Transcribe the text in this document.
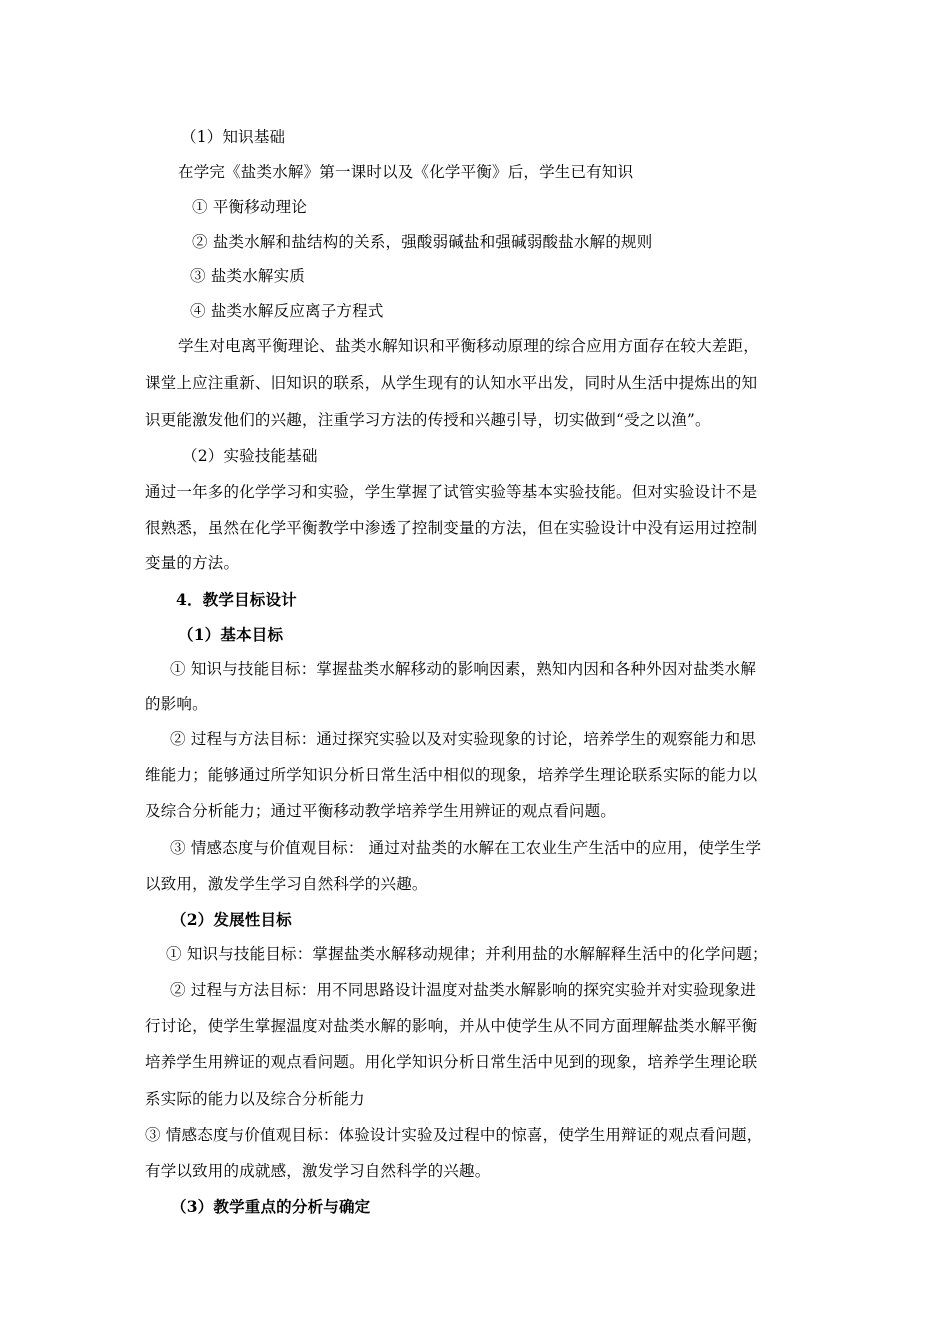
（1）知识基础
在学完《盐类水解》第一课时以及《化学平衡》后，学生已有知识
① 平衡移动理论
② 盐类水解和盐结构的关系，强酸弱碱盐和强碱弱酸盐水解的规则
③ 盐类水解实质
④ 盐类水解反应离子方程式
学生对电离平衡理论、盐类水解知识和平衡移动原理的综合应用方面存在较大差距，
课堂上应注重新、旧知识的联系，从学生现有的认知水平出发，同时从生活中提炼出的知
识更能激发他们的兴趣，注重学习方法的传授和兴趣引导，切实做到“受之以渔”。
（2）实验技能基础
通过一年多的化学学习和实验，学生掌握了试管实验等基本实验技能。但对实验设计不是
很熟悉，虽然在化学平衡教学中渗透了控制变量的方法，但在实验设计中没有运用过控制
变量的方法。
4．教学目标设计
（1）基本目标
① 知识与技能目标：掌握盐类水解移动的影响因素，熟知内因和各种外因对盐类水解
的影响。
② 过程与方法目标：通过探究实验以及对实验现象的讨论，培养学生的观察能力和思
维能力；能够通过所学知识分析日常生活中相似的现象，培养学生理论联系实际的能力以
及综合分析能力；通过平衡移动教学培养学生用辨证的观点看问题。
③ 情感态度与价值观目标： 通过对盐类的水解在工农业生产生活中的应用，使学生学
以致用，激发学生学习自然科学的兴趣。
（2）发展性目标
① 知识与技能目标：掌握盐类水解移动规律；并利用盐的水解解释生活中的化学问题；
② 过程与方法目标：用不同思路设计温度对盐类水解影响的探究实验并对实验现象进
行讨论，使学生掌握温度对盐类水解的影响，并从中使学生从不同方面理解盐类水解平衡
培养学生用辨证的观点看问题。用化学知识分析日常生活中见到的现象，培养学生理论联
系实际的能力以及综合分析能力
③ 情感态度与价值观目标：体验设计实验及过程中的惊喜，使学生用辩证的观点看问题，
有学以致用的成就感，激发学习自然科学的兴趣。
（3）教学重点的分析与确定
